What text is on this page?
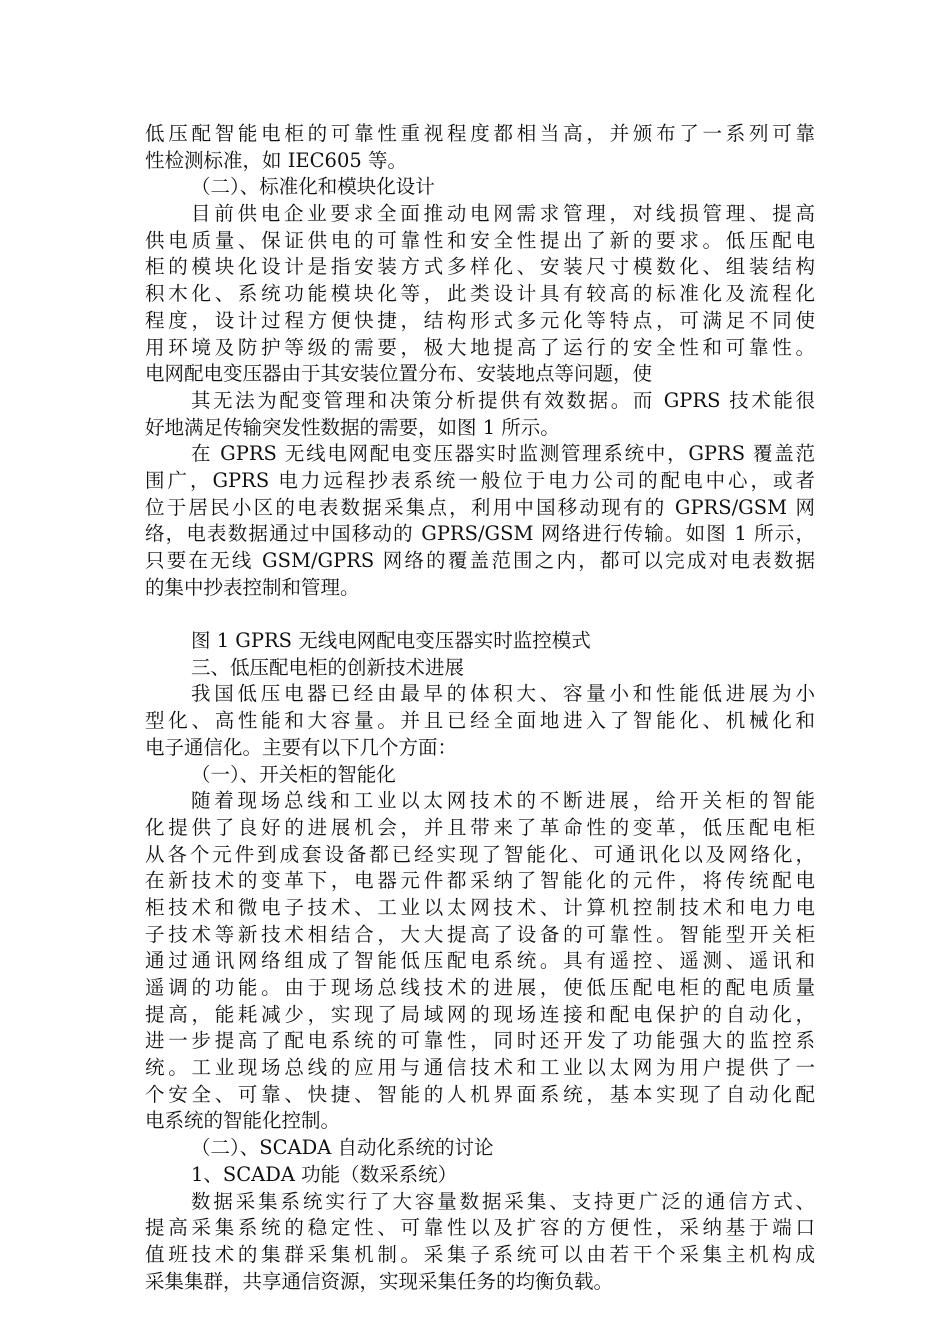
低压配智能电柜的可靠性重视程度都相当高，并颁布了一系列可靠
性检测标准，如 IEC605 等。
（二）、标准化和模块化设计
目前供电企业要求全面推动电网需求管理，对线损管理、提高
供电质量、保证供电的可靠性和安全性提出了新的要求。低压配电
柜的模块化设计是指安装方式多样化、安装尺寸模数化、组装结构
积木化、系统功能模块化等，此类设计具有较高的标准化及流程化
程度，设计过程方便快捷，结构形式多元化等特点，可满足不同使
用环境及防护等级的需要，极大地提高了运行的安全性和可靠性。
电网配电变压器由于其安装位置分布、安装地点等问题，使
其无法为配变管理和决策分析提供有效数据。而 GPRS 技术能很
好地满足传输突发性数据的需要，如图 1 所示。
在 GPRS 无线电网配电变压器实时监测管理系统中，GPRS 覆盖范
围广，GPRS 电力远程抄表系统一般位于电力公司的配电中心，或者
位于居民小区的电表数据采集点，利用中国移动现有的 GPRS/GSM 网
络，电表数据通过中国移动的 GPRS/GSM 网络进行传输。如图 1 所示，
只要在无线 GSM/GPRS 网络的覆盖范围之内，都可以完成对电表数据
的集中抄表控制和管理。
图 1 GPRS 无线电网配电变压器实时监控模式
三、低压配电柜的创新技术进展
我国低压电器已经由最早的体积大、容量小和性能低进展为小
型化、高性能和大容量。并且已经全面地进入了智能化、机械化和
电子通信化。主要有以下几个方面：
（一）、开关柜的智能化
随着现场总线和工业以太网技术的不断进展，给开关柜的智能
化提供了良好的进展机会，并且带来了革命性的变革，低压配电柜
从各个元件到成套设备都已经实现了智能化、可通讯化以及网络化，
在新技术的变革下，电器元件都采纳了智能化的元件，将传统配电
柜技术和微电子技术、工业以太网技术、计算机控制技术和电力电
子技术等新技术相结合，大大提高了设备的可靠性。智能型开关柜
通过通讯网络组成了智能低压配电系统。具有遥控、遥测、遥讯和
遥调的功能。由于现场总线技术的进展，使低压配电柜的配电质量
提高，能耗减少，实现了局域网的现场连接和配电保护的自动化，
进一步提高了配电系统的可靠性，同时还开发了功能强大的监控系
统。工业现场总线的应用与通信技术和工业以太网为用户提供了一
个安全、可靠、快捷、智能的人机界面系统，基本实现了自动化配
电系统的智能化控制。
（二）、SCADA 自动化系统的讨论
1、SCADA 功能（数采系统）
数据采集系统实行了大容量数据采集、支持更广泛的通信方式、
提高采集系统的稳定性、可靠性以及扩容的方便性，采纳基于端口
值班技术的集群采集机制。采集子系统可以由若干个采集主机构成
采集集群，共享通信资源，实现采集任务的均衡负载。
